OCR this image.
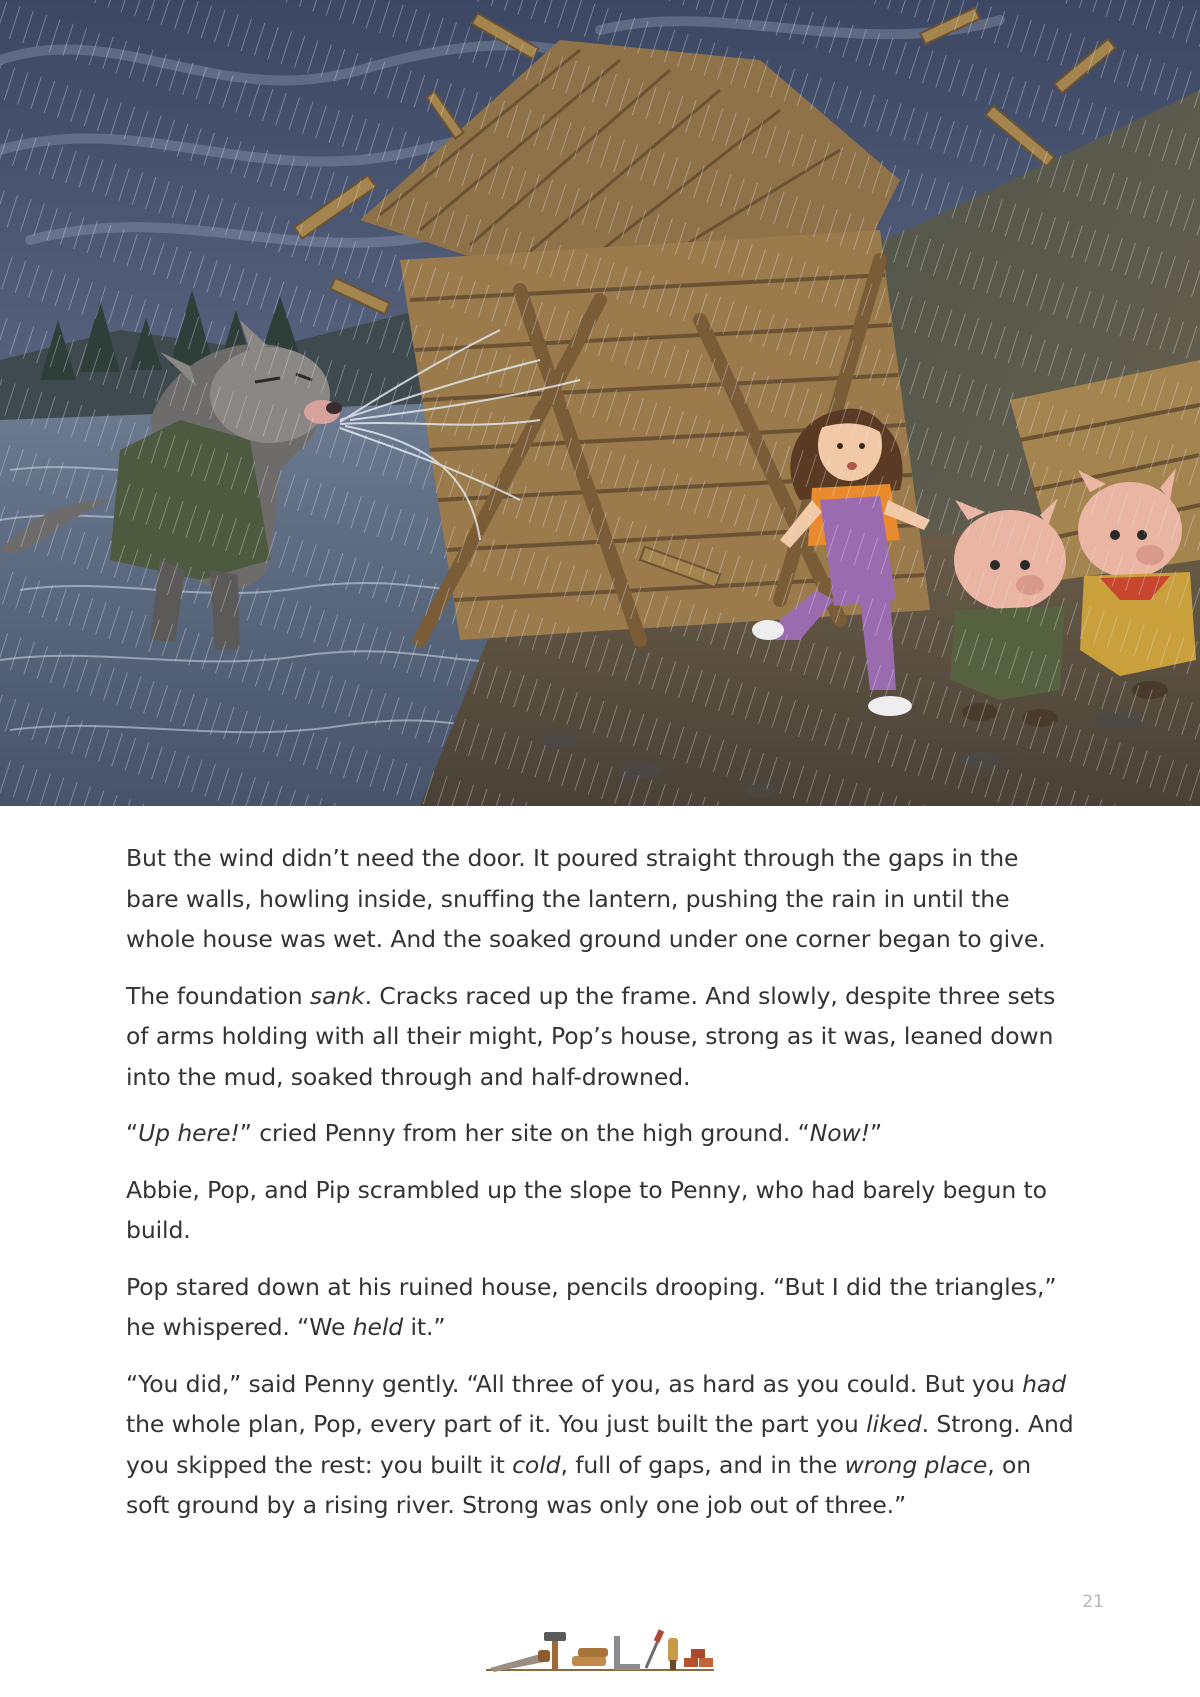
But the wind didn’t need the door. It poured straight through the gaps in the bare walls, howling inside, snuffing the lantern, pushing the rain in until the whole house was wet. And the soaked ground under one corner began to give.

The foundation sank. Cracks raced up the frame. And slowly, despite three sets of arms holding with all their might, Pop’s house, strong as it was, leaned down into the mud, soaked through and half-drowned.

“Up here!” cried Penny from her site on the high ground. “Now!”

Abbie, Pop, and Pip scrambled up the slope to Penny, who had barely begun to build.

Pop stared down at his ruined house, pencils drooping. “But I did the triangles,” he whispered. “We held it.”

“You did,” said Penny gently. “All three of you, as hard as you could. But you had the whole plan, Pop, every part of it. You just built the part you liked. Strong. And you skipped the rest: you built it cold, full of gaps, and in the wrong place, on soft ground by a rising river. Strong was only one job out of three.”

21
